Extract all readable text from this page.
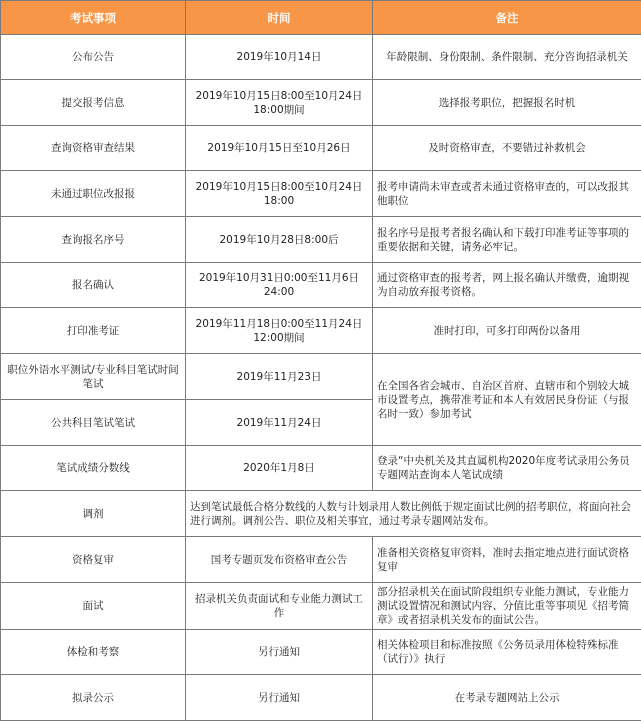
考试事项	时间	备注
公布公告	2019年10月14日	年龄限制、身份限制、条件限制、充分咨询招录机关
提交报考信息	2019年10月15日8:00至10月24日18:00期间	选择报考职位，把握报名时机
查询资格审查结果	2019年10月15日至10月26日	及时资格审查，不要错过补救机会
未通过职位改报报	2019年10月15日8:00至10月24日18:00	报考申请尚未审查或者未通过资格审查的，可以改报其他职位
查询报名序号	2019年10月28日8:00后	报名序号是报考者报名确认和下载打印准考证等事项的重要依据和关键，请务必牢记。
报名确认	2019年10月31日0:00至11月6日24:00	通过资格审查的报考者，网上报名确认并缴费，逾期视为自动放弃报考资格。
打印准考证	2019年11月18日0:00至11月24日12:00期间	准时打印，可多打印两份以备用
职位外语水平测试/专业科目笔试时间笔试	2019年11月23日	在全国各省会城市、自治区首府、直辖市和个别较大城市设置考点，携带准考证和本人有效居民身份证（与报名时一致）参加考试
公共科目笔试笔试	2019年11月24日	
笔试成绩分数线	2020年1月8日	登录“中央机关及其直属机构2020年度考试录用公务员专题网站查询本人笔试成绩
调剂	达到笔试最低合格分数线的人数与计划录用人数比例低于规定面试比例的招考职位，将面向社会进行调剂。调剂公告、职位及相关事宜，通过考录专题网站发布。	
资格复审	国考专题页发布资格审查公告	准备相关资格复审资料，准时去指定地点进行面试资格复审
面试	招录机关负责面试和专业能力测试工作	部分招录机关在面试阶段组织专业能力测试，专业能力测试设置情况和测试内容、分值比重等事项见《招考简章》或者招录机关发布的面试公告。
体检和考察	另行通知	相关体检项目和标准按照《公务员录用体检特殊标准（试行）》执行
拟录公示	另行通知	在考录专题网站上公示
